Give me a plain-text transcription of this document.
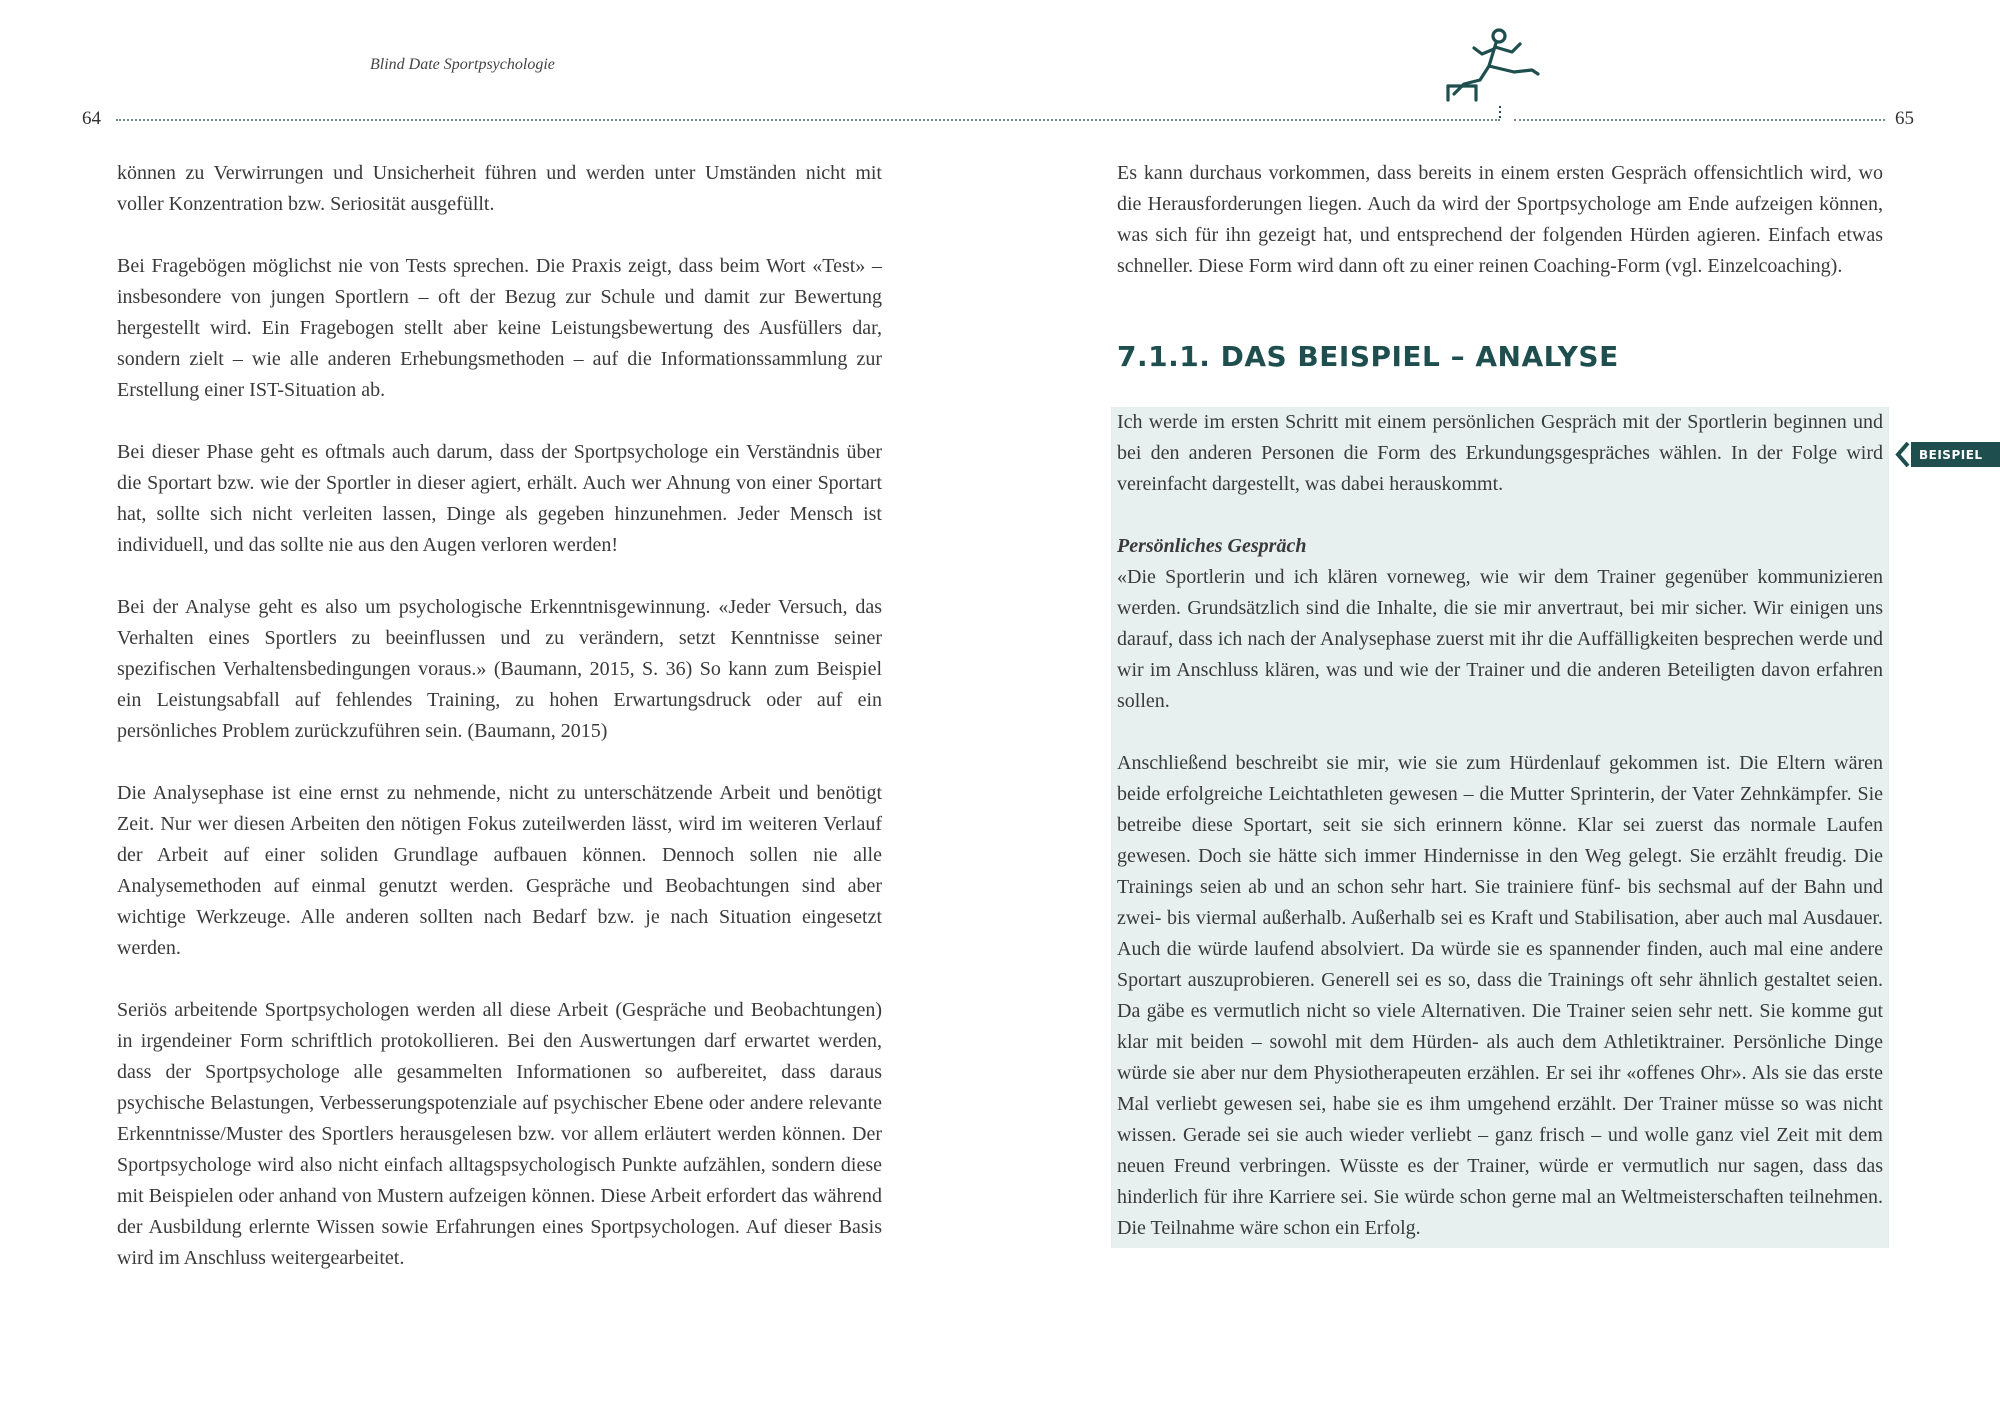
Blind Date Sportpsychologie
64	65

können zu Verwirrungen und Unsicherheit führen und werden unter Umständen nicht mit voller Konzentration bzw. Seriosität ausgefüllt.

Bei Fragebögen möglichst nie von Tests sprechen. Die Praxis zeigt, dass beim Wort «Test» – insbesondere von jungen Sportlern – oft der Bezug zur Schule und damit zur Bewertung hergestellt wird. Ein Fragebogen stellt aber keine Leistungsbewertung des Ausfüllers dar, sondern zielt – wie alle anderen Erhebungsmethoden – auf die Informationssammlung zur Erstellung einer IST-Situation ab.

Bei dieser Phase geht es oftmals auch darum, dass der Sportpsychologe ein Verständnis über die Sportart bzw. wie der Sportler in dieser agiert, erhält. Auch wer Ahnung von einer Sportart hat, sollte sich nicht verleiten lassen, Dinge als gegeben hinzunehmen. Jeder Mensch ist individuell, und das sollte nie aus den Augen verloren werden!

Bei der Analyse geht es also um psychologische Erkenntnisgewinnung. «Jeder Versuch, das Verhalten eines Sportlers zu beeinflussen und zu verändern, setzt Kenntnisse seiner spezifischen Verhaltensbedingungen voraus.» (Baumann, 2015, S. 36) So kann zum Beispiel ein Leistungsabfall auf fehlendes Training, zu hohen Erwartungsdruck oder auf ein persönliches Problem zurückzuführen sein. (Baumann, 2015)

Die Analysephase ist eine ernst zu nehmende, nicht zu unterschätzende Arbeit und benötigt Zeit. Nur wer diesen Arbeiten den nötigen Fokus zuteilwerden lässt, wird im weiteren Verlauf der Arbeit auf einer soliden Grundlage aufbauen können. Dennoch sollen nie alle Analysemethoden auf einmal genutzt werden. Gespräche und Beobachtungen sind aber wichtige Werkzeuge. Alle anderen sollten nach Bedarf bzw. je nach Situation eingesetzt werden.

Seriös arbeitende Sportpsychologen werden all diese Arbeit (Gespräche und Beobachtungen) in irgendeiner Form schriftlich protokollieren. Bei den Auswertungen darf erwartet werden, dass der Sportpsychologe alle gesammelten Informationen so aufbereitet, dass daraus psychische Belastungen, Verbesserungspotenziale auf psychischer Ebene oder andere relevante Erkenntnisse/Muster des Sportlers herausgelesen bzw. vor allem erläutert werden können. Der Sportpsychologe wird also nicht einfach alltagspsychologisch Punkte aufzählen, sondern diese mit Beispielen oder anhand von Mustern aufzeigen können. Diese Arbeit erfordert das während der Ausbildung erlernte Wissen sowie Erfahrungen eines Sportpsychologen. Auf dieser Basis wird im Anschluss weitergearbeitet.

Es kann durchaus vorkommen, dass bereits in einem ersten Gespräch offensichtlich wird, wo die Herausforderungen liegen. Auch da wird der Sportpsychologe am Ende aufzeigen können, was sich für ihn gezeigt hat, und entsprechend der folgenden Hürden agieren. Einfach etwas schneller. Diese Form wird dann oft zu einer reinen Coaching-Form (vgl. Einzelcoaching).

7.1.1. DAS BEISPIEL – ANALYSE

Ich werde im ersten Schritt mit einem persönlichen Gespräch mit der Sportlerin beginnen und bei den anderen Personen die Form des Erkundungsgespräches wählen. In der Folge wird vereinfacht dargestellt, was dabei herauskommt.

Persönliches Gespräch
«Die Sportlerin und ich klären vorneweg, wie wir dem Trainer gegenüber kommunizieren werden. Grundsätzlich sind die Inhalte, die sie mir anvertraut, bei mir sicher. Wir einigen uns darauf, dass ich nach der Analysephase zuerst mit ihr die Auffälligkeiten besprechen werde und wir im Anschluss klären, was und wie der Trainer und die anderen Beteiligten davon erfahren sollen.

Anschließend beschreibt sie mir, wie sie zum Hürdenlauf gekommen ist. Die Eltern wären beide erfolgreiche Leichtathleten gewesen – die Mutter Sprinterin, der Vater Zehnkämpfer. Sie betreibe diese Sportart, seit sie sich erinnern könne. Klar sei zuerst das normale Laufen gewesen. Doch sie hätte sich immer Hindernisse in den Weg gelegt. Sie erzählt freudig. Die Trainings seien ab und an schon sehr hart. Sie trainiere fünf- bis sechsmal auf der Bahn und zwei- bis viermal außerhalb. Außerhalb sei es Kraft und Stabilisation, aber auch mal Ausdauer. Auch die würde laufend absolviert. Da würde sie es spannender finden, auch mal eine andere Sportart auszuprobieren. Generell sei es so, dass die Trainings oft sehr ähnlich gestaltet seien. Da gäbe es vermutlich nicht so viele Alternativen. Die Trainer seien sehr nett. Sie komme gut klar mit beiden – sowohl mit dem Hürden- als auch dem Athletiktrainer. Persönliche Dinge würde sie aber nur dem Physiotherapeuten erzählen. Er sei ihr «offenes Ohr». Als sie das erste Mal verliebt gewesen sei, habe sie es ihm umgehend erzählt. Der Trainer müsse so was nicht wissen. Gerade sei sie auch wieder verliebt – ganz frisch – und wolle ganz viel Zeit mit dem neuen Freund verbringen. Wüsste es der Trainer, würde er vermutlich nur sagen, dass das hinderlich für ihre Karriere sei. Sie würde schon gerne mal an Weltmeisterschaften teilnehmen. Die Teilnahme wäre schon ein Erfolg.

BEISPIEL
